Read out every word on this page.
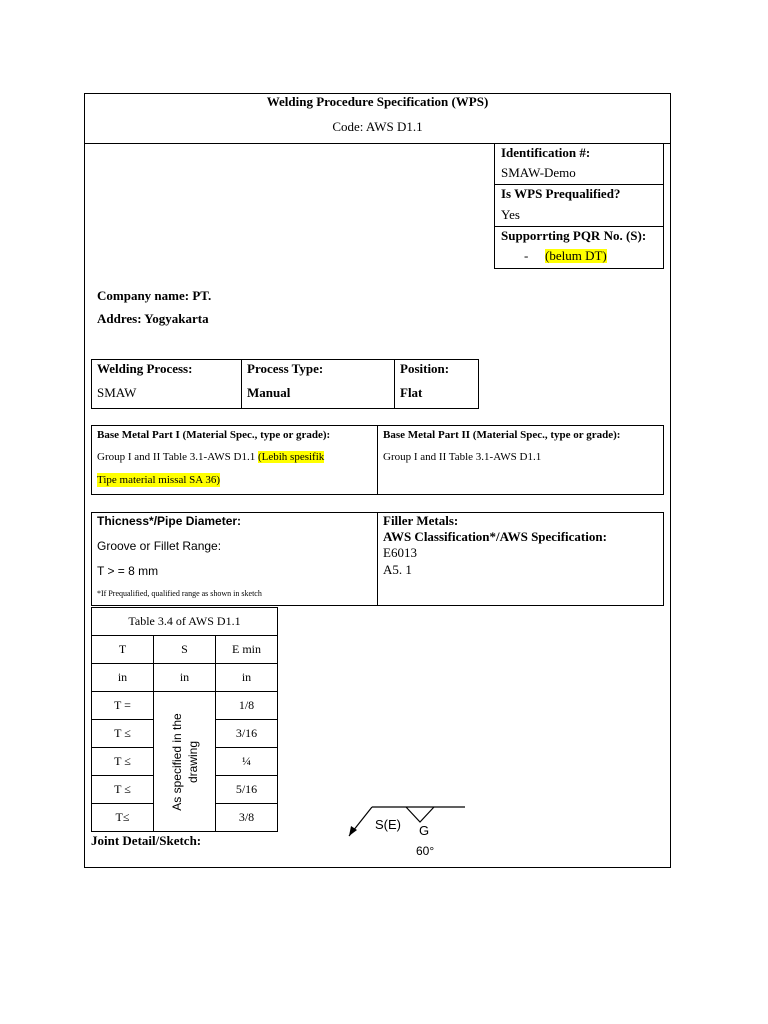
Welding Procedure Specification (WPS)
Code: AWS D1.1
Identification #:
SMAW-Demo
Is WPS Prequalified?
Yes
Supporrting PQR No. (S):
- (belum DT)
Company name: PT.
Addres: Yogyakarta
Welding Process:
SMAW
Process Type:
Manual
Position:
Flat
Base Metal Part I (Material Spec., type or grade):
Group I and II Table 3.1-AWS D1.1 (Lebih spesifik
Tipe material missal SA 36)
Base Metal Part II (Material Spec., type or grade):
Group I and II Table 3.1-AWS D1.1
Thicness*/Pipe Diameter:
Groove or Fillet Range:
T > = 8 mm
*If Prequalified, qualified range as shown in sketch
Filler Metals:
AWS Classification*/AWS Specification:
E6013
A5. 1
Table 3.4 of AWS D1.1		
T	S	E min
in	in	in
T =	As specified in the drawing	1/8
T ≤		3/16
T ≤		¼
T ≤		5/16
T≤		3/8
Joint Detail/Sketch:
S(E) G
60°
